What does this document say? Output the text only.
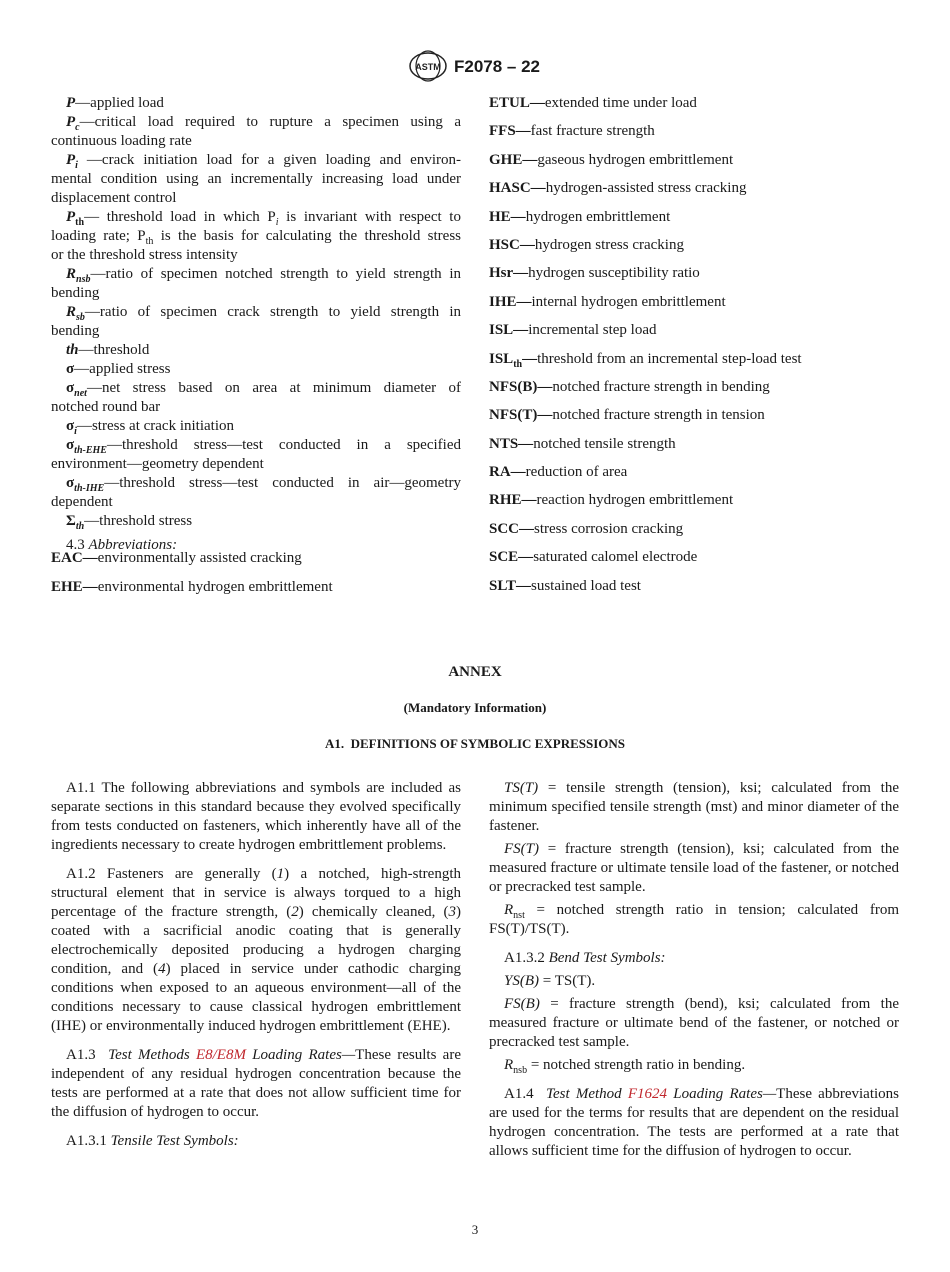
ASTM F2078 – 22
P—applied load
$P_c—critical$ load required to rupture a specimen using a
continuous loading rate
$P_i$ —crack initiation load for a given loading and environ-
mental condition using an incrementally increasing load under
displacement control
$P_{th}—$ threshold load in which $P_i$ is invariant with respect to
loading rate; $P_{th}$ is the basis for calculating the threshold stress
or the threshold stress intensity
$R_{nsb}—ratio$ of specimen notched strength to yield strength in
bending
$R_{sb}—ratio$ of specimen crack strength to yield strength in
bending
th—threshold
σ—applied stress
$\sigma_{net}—net$ stress based on area at minimum diameter of
notched round bar
$\sigma_i—stress$ at crack initiation
$\sigma_{th-EHE}—threshold$ stress—test conducted in a specified
environment—geometry dependent
$\sigma_{th-IHE}—threshold$ stress—test conducted in air—geometry
dependent
$\Sigma_{th}—threshold$ stress
4.3 Abbreviations:
EAC—environmentally assisted cracking
EHE—environmental hydrogen embrittlement
ETUL—extended time under load
FFS—fast fracture strength
GHE—gaseous hydrogen embrittlement
HASC—hydrogen-assisted stress cracking
HE—hydrogen embrittlement
HSC—hydrogen stress cracking
Hsr—hydrogen susceptibility ratio
IHE—internal hydrogen embrittlement
ISL—incremental step load
$ISL_{th}—threshold$ from an incremental step-load test
NFS(B)—notched fracture strength in bending
NFS(T)—notched fracture strength in tension
NTS—notched tensile strength
RA—reduction of area
RHE—reaction hydrogen embrittlement
SCC—stress corrosion cracking
SCE—saturated calomel electrode
SLT—sustained load test
ANNEX
(Mandatory Information)
A1.  DEFINITIONS OF SYMBOLIC EXPRESSIONS

A1.1 The following abbreviations and symbols are included as separate sections in this standard because they evolved specifically from tests conducted on fasteners, which inherently have all of the ingredients necessary to create hydrogen embrittlement problems.

A1.2 Fasteners are generally (1) a notched, high-strength structural element that in service is always torqued to a high percentage of the fracture strength, (2) chemically cleaned, (3) coated with a sacrificial anodic coating that is generally electrochemically deposited producing a hydrogen charging condition, and (4) placed in service under cathodic charging conditions when exposed to an aqueous environment—all of the conditions necessary to cause classical hydrogen embrittlement (IHE) or environmentally induced hydrogen embrittlement (EHE).

A1.3  Test Methods E8/E8M Loading Rates—These results are independent of any residual hydrogen concentration because the tests are performed at a rate that does not allow sufficient time for the diffusion of hydrogen to occur.

A1.3.1 Tensile Test Symbols:

TS(T) = tensile strength (tension), ksi; calculated from the minimum specified tensile strength (mst) and minor diameter of the fastener.

FS(T) = fracture strength (tension), ksi; calculated from the measured fracture or ultimate tensile load of the fastener, or notched or precracked test sample.

$R_{nst}$ = notched strength ratio in tension; calculated from FS(T)/TS(T).

A1.3.2 Bend Test Symbols:

YS(B) = TS(T).

FS(B) = fracture strength (bend), ksi; calculated from the measured fracture or ultimate bend of the fastener, or notched or precracked test sample.

$R_{nsb}$ = notched strength ratio in bending.

A1.4  Test Method F1624 Loading Rates—These abbreviations are used for the terms for results that are dependent on the residual hydrogen concentration. The tests are performed at a rate that allows sufficient time for the diffusion of hydrogen to occur.

3
